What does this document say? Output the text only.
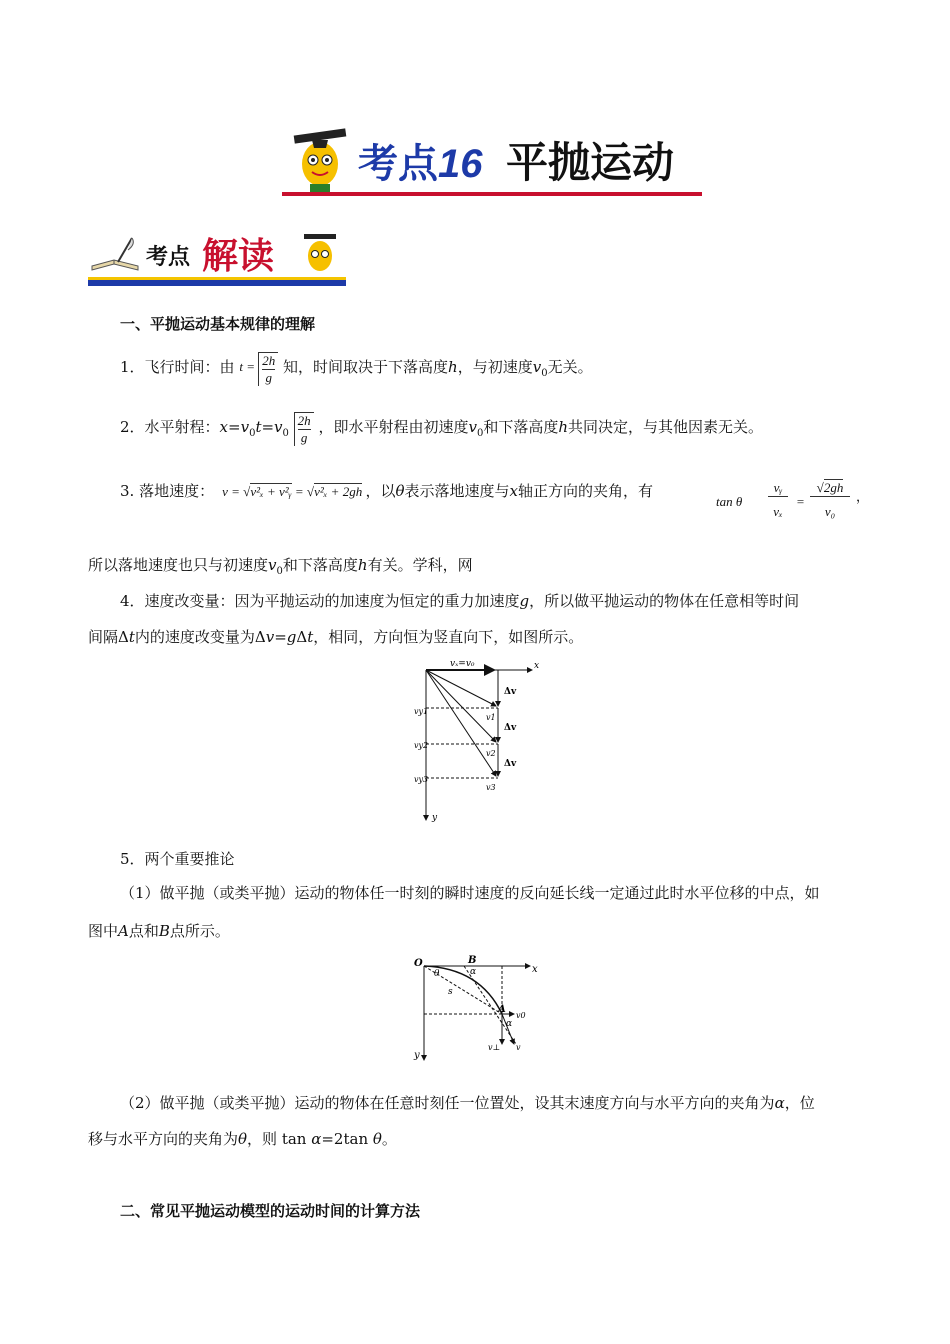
考点16 平抛运动
考点 解读
一、平抛运动基本规律的理解
1．飞行时间：由 $t = \frac{2h}{g}$ 知，时间取决于下落高度h，与初速度$v_0$无关。
2．水平射程：$x=v_0t=v_0 \frac{2h}{g}$ ，即水平射程由初速度$v_0$和下落高度h共同决定，与其他因素无关。
3. 落地速度： v = √v²ₓ + v²ᵧ = √v²ₓ + 2gh ，以θ表示落地速度与x轴正方向的夹角，有
tan θ
vᵧ
vₓ
=
√2gh
v₀
，
所以落地速度也只与初速度$v_0$和下落高度h有关。学科，网
4．速度改变量：因为平抛运动的加速度为恒定的重力加速度g，所以做平抛运动的物体在任意相等时间
间隔Δt内的速度改变量为Δv=gΔt，相同，方向恒为竖直向下，如图所示。
vₓ=v₀	x
y
Δv
Δv
Δv
vy1
vy2
vy3
v1
v2
v3
5．两个重要推论
（1）做平抛（或类平抛）运动的物体任一时刻的瞬时速度的反向延长线一定通过此时水平位移的中点，如
图中A点和B点所示。
O	B
x
A
y
θ	α
α
s
v0
v⊥ v
（2）做平抛（或类平抛）运动的物体在任意时刻任一位置处，设其末速度方向与水平方向的夹角为α，位
移与水平方向的夹角为θ，则 tan α=2tan θ。
二、常见平抛运动模型的运动时间的计算方法
